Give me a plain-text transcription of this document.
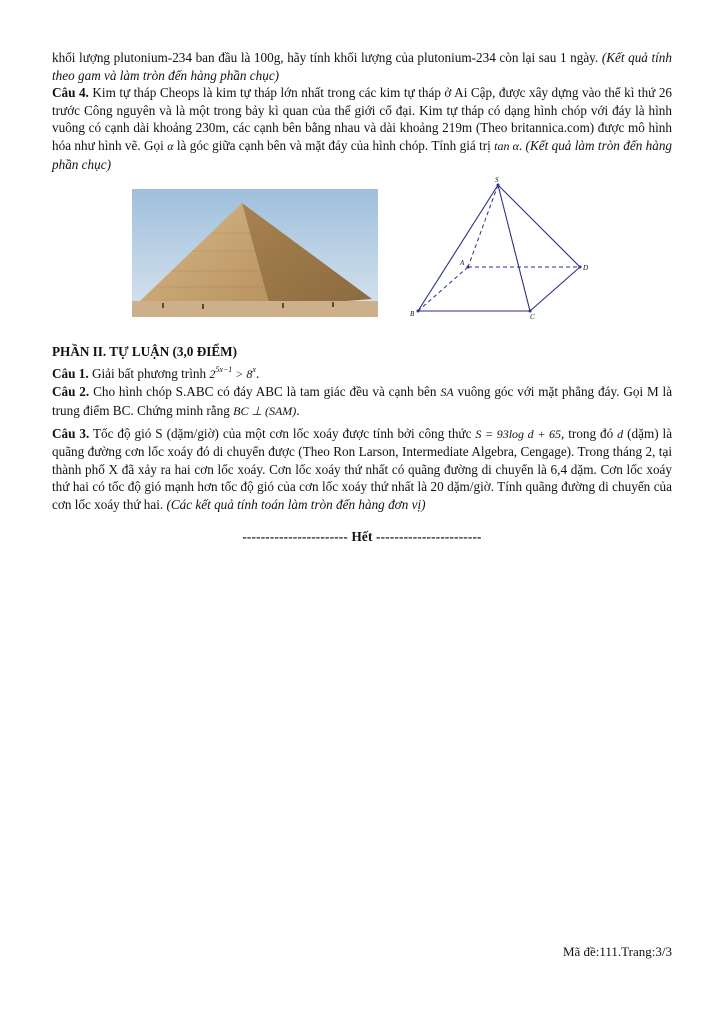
khối lượng plutonium-234 ban đầu là 100g, hãy tính khối lượng của plutonium-234 còn lại sau 1 ngày. (Kết quả tính theo gam và làm tròn đến hàng phần chục)

Câu 4. Kim tự tháp Cheops là kim tự tháp lớn nhất trong các kim tự tháp ở Ai Cập, được xây dựng vào thế kì thứ 26 trước Công nguyên và là một trong bảy kì quan của thế giới cổ đại. Kim tự tháp có dạng hình chóp với đáy là hình vuông có cạnh dài khoảng 230m, các cạnh bên bằng nhau và dài khoảng 219m (Theo britannica.com) được mô hình hóa như hình vẽ. Gọi α là góc giữa cạnh bên và mặt đáy của hình chóp. Tính giá trị tan α. (Kết quả làm tròn đến hàng phần chục)

S
A
B	C
D

PHẦN II. TỰ LUẬN (3,0 ĐIỂM)

Câu 1. Giải bất phương trình $2^{5x-1} > 8^x$.

Câu 2. Cho hình chóp S.ABC có đáy ABC là tam giác đều và cạnh bên SA vuông góc với mặt phẳng đáy. Gọi M là trung điểm BC. Chứng minh rằng BC ⊥ (SAM).

Câu 3. Tốc độ gió S (dặm/giờ) của một cơn lốc xoáy được tính bởi công thức S = 93log d + 65, trong đó d (dặm) là quãng đường cơn lốc xoáy đó di chuyển được (Theo Ron Larson, Intermediate Algebra, Cengage). Trong tháng 2, tại thành phố X đã xảy ra hai cơn lốc xoáy. Cơn lốc xoáy thứ nhất có quãng đường di chuyển là 6,4 dặm. Cơn lốc xoáy thứ hai có tốc độ gió mạnh hơn tốc độ gió của cơn lốc xoáy thứ nhất là 20 dặm/giờ. Tính quãng đường di chuyển của cơn lốc xoáy thứ hai. (Các kết quả tính toán làm tròn đến hàng đơn vị)

----------------------- Hết -----------------------

Mã đề:111.Trang:3/3
